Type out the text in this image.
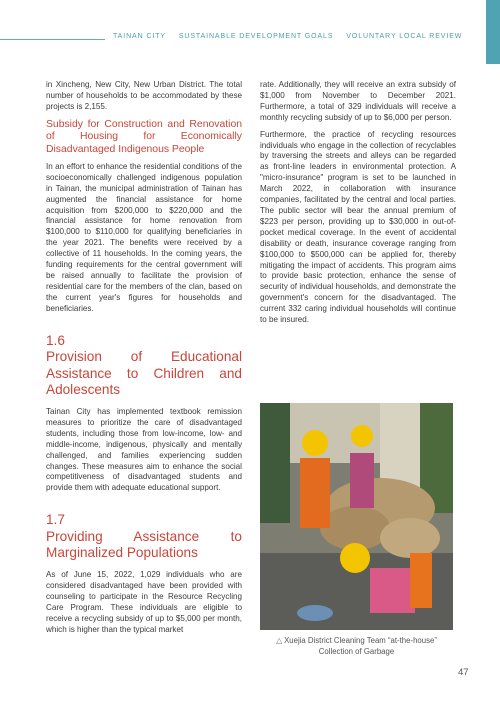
TAINAN CITY SUSTAINABLE DEVELOPMENT GOALS VOLUNTARY LOCAL REVIEW

in Xincheng, New City, New Urban District. The total number of households to be accommodated by these projects is 2,155.

Subsidy for Construction and Renovation of Housing for Economically Disadvantaged Indigenous People

In an effort to enhance the residential conditions of the socioeconomically challenged indigenous population in Tainan, the municipal administration of Tainan has augmented the financial assistance for home acquisition from $200,000 to $220,000 and the financial assistance for home renovation from $100,000 to $110,000 for qualifying beneficiaries in the year 2021. The benefits were received by a collective of 11 households. In the coming years, the funding requirements for the central government will be raised annually to facilitate the provision of residential care for the members of the clan, based on the current year's figures for households and beneficiaries.

1.6
Provision of Educational Assistance to Children and Adolescents

Tainan City has implemented textbook remission measures to prioritize the care of disadvantaged students, including those from low-income, low- and middle-income, indigenous, physically and mentally challenged, and families experiencing sudden changes. These measures aim to enhance the social competitiveness of disadvantaged students and provide them with adequate educational support.

1.7
Providing Assistance to Marginalized Populations

As of June 15, 2022, 1,029 individuals who are considered disadvantaged have been provided with counseling to participate in the Resource Recycling Care Program. These individuals are eligible to receive a recycling subsidy of up to $5,000 per month, which is higher than the typical market

rate. Additionally, they will receive an extra subsidy of $1,000 from November to December 2021. Furthermore, a total of 329 individuals will receive a monthly recycling subsidy of up to $6,000 per person.

Furthermore, the practice of recycling resources individuals who engage in the collection of recyclables by traversing the streets and alleys can be regarded as front-line leaders in environmental protection. A "micro-insurance" program is set to be launched in March 2022, in collaboration with insurance companies, facilitated by the central and local parties. The public sector will bear the annual premium of $223 per person, providing up to $30,000 in out-of-pocket medical coverage. In the event of accidental disability or death, insurance coverage ranging from $100,000 to $500,000 can be applied for, thereby mitigating the impact of accidents. This program aims to provide basic protection, enhance the sense of security of individual households, and demonstrate the government's concern for the disadvantaged. The current 332 caring individual households will continue to be insured.

△ Xuejia District Cleaning Team “at-the-house” Collection of Garbage
47
